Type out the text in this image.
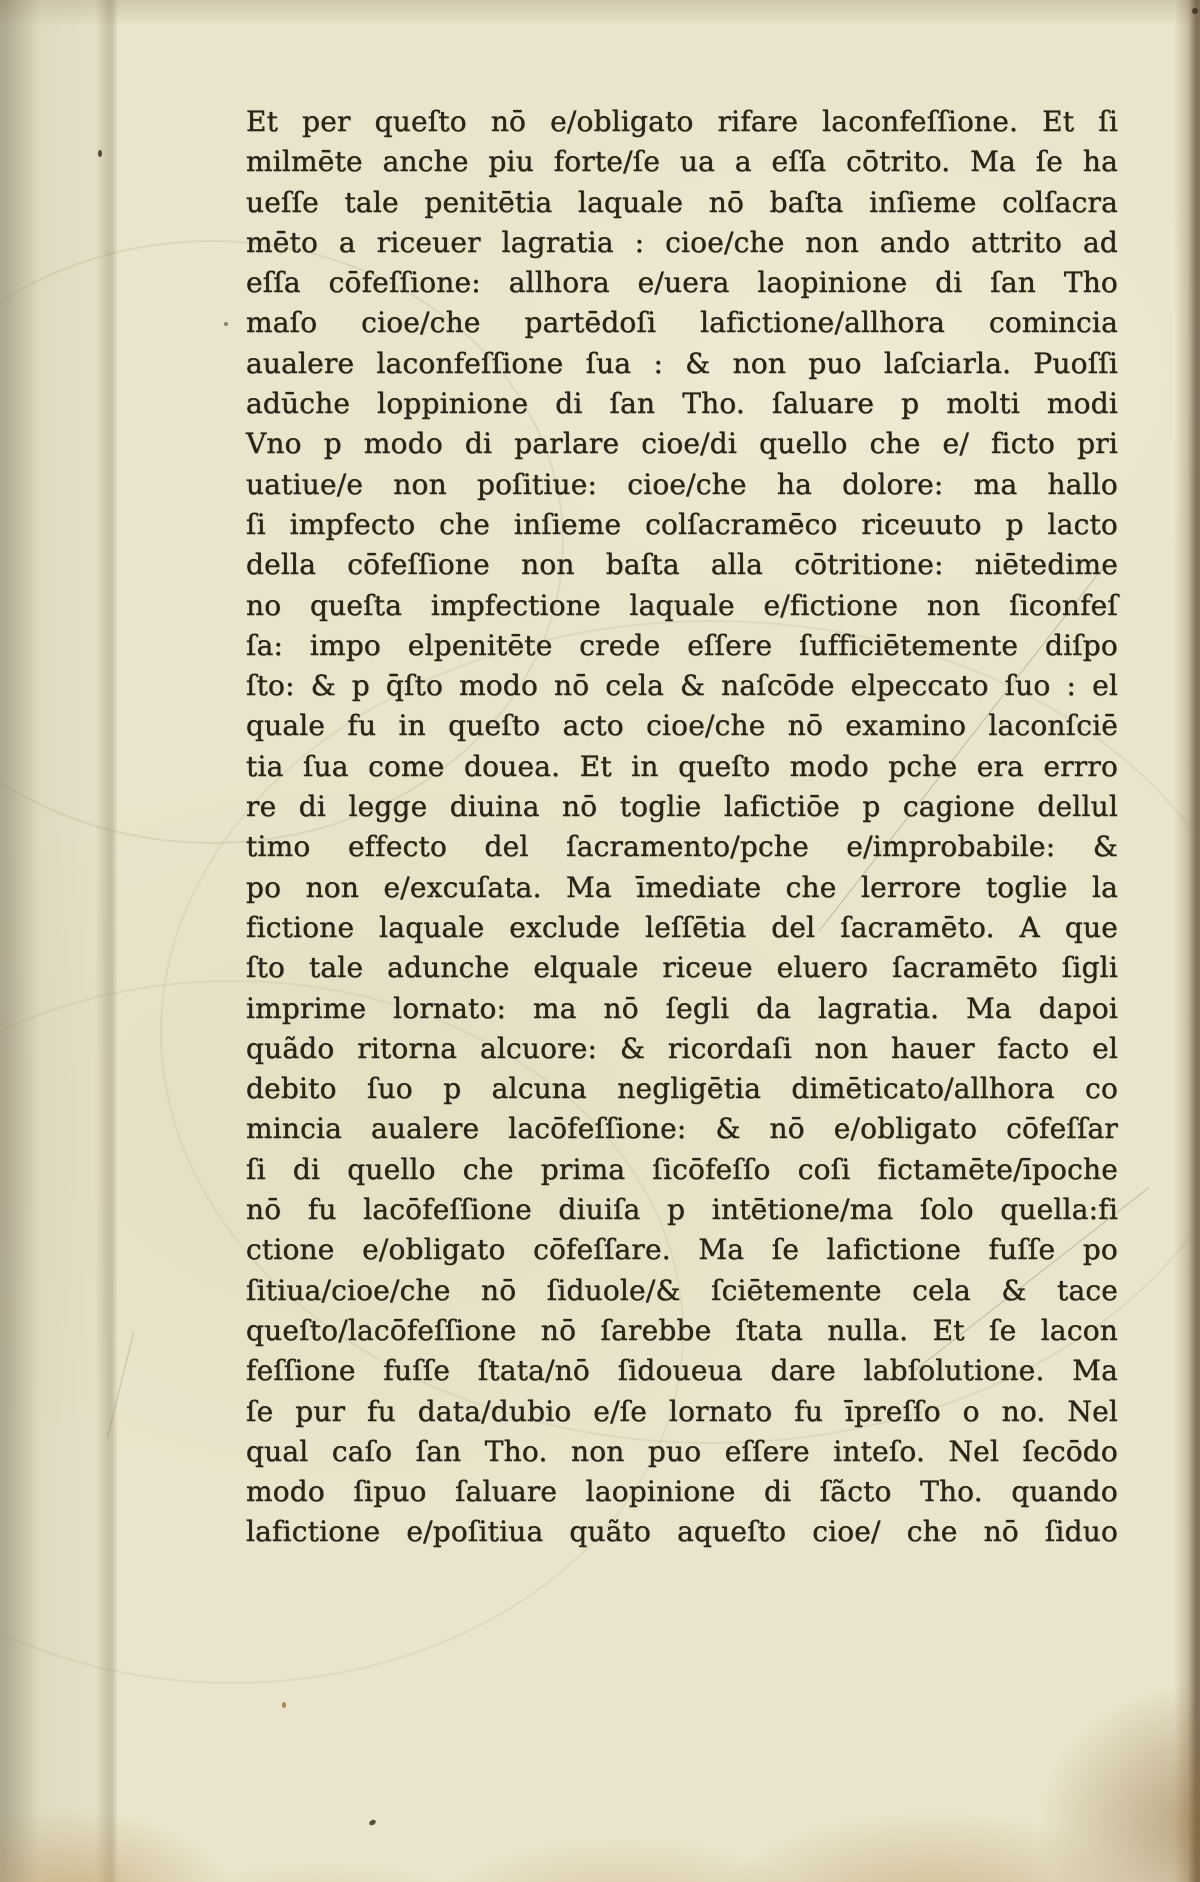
Et per queſto nō e/obligato rifare laconfeſſione. Et ſi
milmēte anche piu forte/ſe ua a eſſa cōtrito. Ma ſe ha
ueſſe tale penitētia laquale nō baſta inſieme colſacra
mēto a riceuer lagratia : cioe/che non ando attrito ad
eſſa cōfeſſione: allhora e/uera laopinione di ſan Tho
maſo cioe/che partēdoſi lafictione/allhora comincia
aualere laconfeſſione ſua : & non puo laſciarla. Puoſſi
adūche loppinione di ſan Tho. ſaluare p molti modi
Vno p modo di parlare cioe/di quello che e/ ficto pri
uatiue/e non poſitiue: cioe/che ha dolore: ma hallo
ſi impfecto che inſieme colſacramēco riceuuto p lacto
della cōfeſſione non baſta alla cōtritione: niētedime
no queſta impfectione laquale e/fictione non ſiconfeſ
ſa: impo elpenitēte crede eſſere ſufficiētemente diſpo
ſto: & p q̄ſto modo nō cela & naſcōde elpeccato ſuo : el
quale fu in queſto acto cioe/che nō examino laconſciē
tia ſua come douea. Et in queſto modo pche era errro
re di legge diuina nō toglie lafictiōe p cagione dellul
timo effecto del ſacramento/pche e/improbabile: &
po non e/excuſata. Ma īmediate che lerrore toglie la
fictione laquale exclude leſſētia del ſacramēto. A que
ſto tale adunche elquale riceue eluero ſacramēto ſigli
imprime lornato: ma nō ſegli da lagratia. Ma dapoi
quãdo ritorna alcuore: & ricordaſi non hauer facto el
debito ſuo p alcuna negligētia dimēticato/allhora co
mincia aualere lacōfeſſione: & nō e/obligato cōfeſſar
ſi di quello che prima ſicōfeſſo coſi fictamēte/īpoche
nō fu lacōfeſſione diuiſa p intētione/ma ſolo quella:fi
ctione e/obligato cōfeſſare. Ma ſe lafictione fuſſe po
ſitiua/cioe/che nō ſiduole/& ſciētemente cela & tace
queſto/lacōfeſſione nō ſarebbe ſtata nulla. Et ſe lacon
feſſione fuſſe ſtata/nō ſidoueua dare labſolutione. Ma
ſe pur fu data/dubio e/ſe lornato fu īpreſſo o no. Nel
qual caſo ſan Tho. non puo eſſere inteſo. Nel ſecōdo
modo ſipuo ſaluare laopinione di ſãcto Tho. quando
lafictione e/poſitiua quãto aqueſto cioe/ che nō ſiduo
